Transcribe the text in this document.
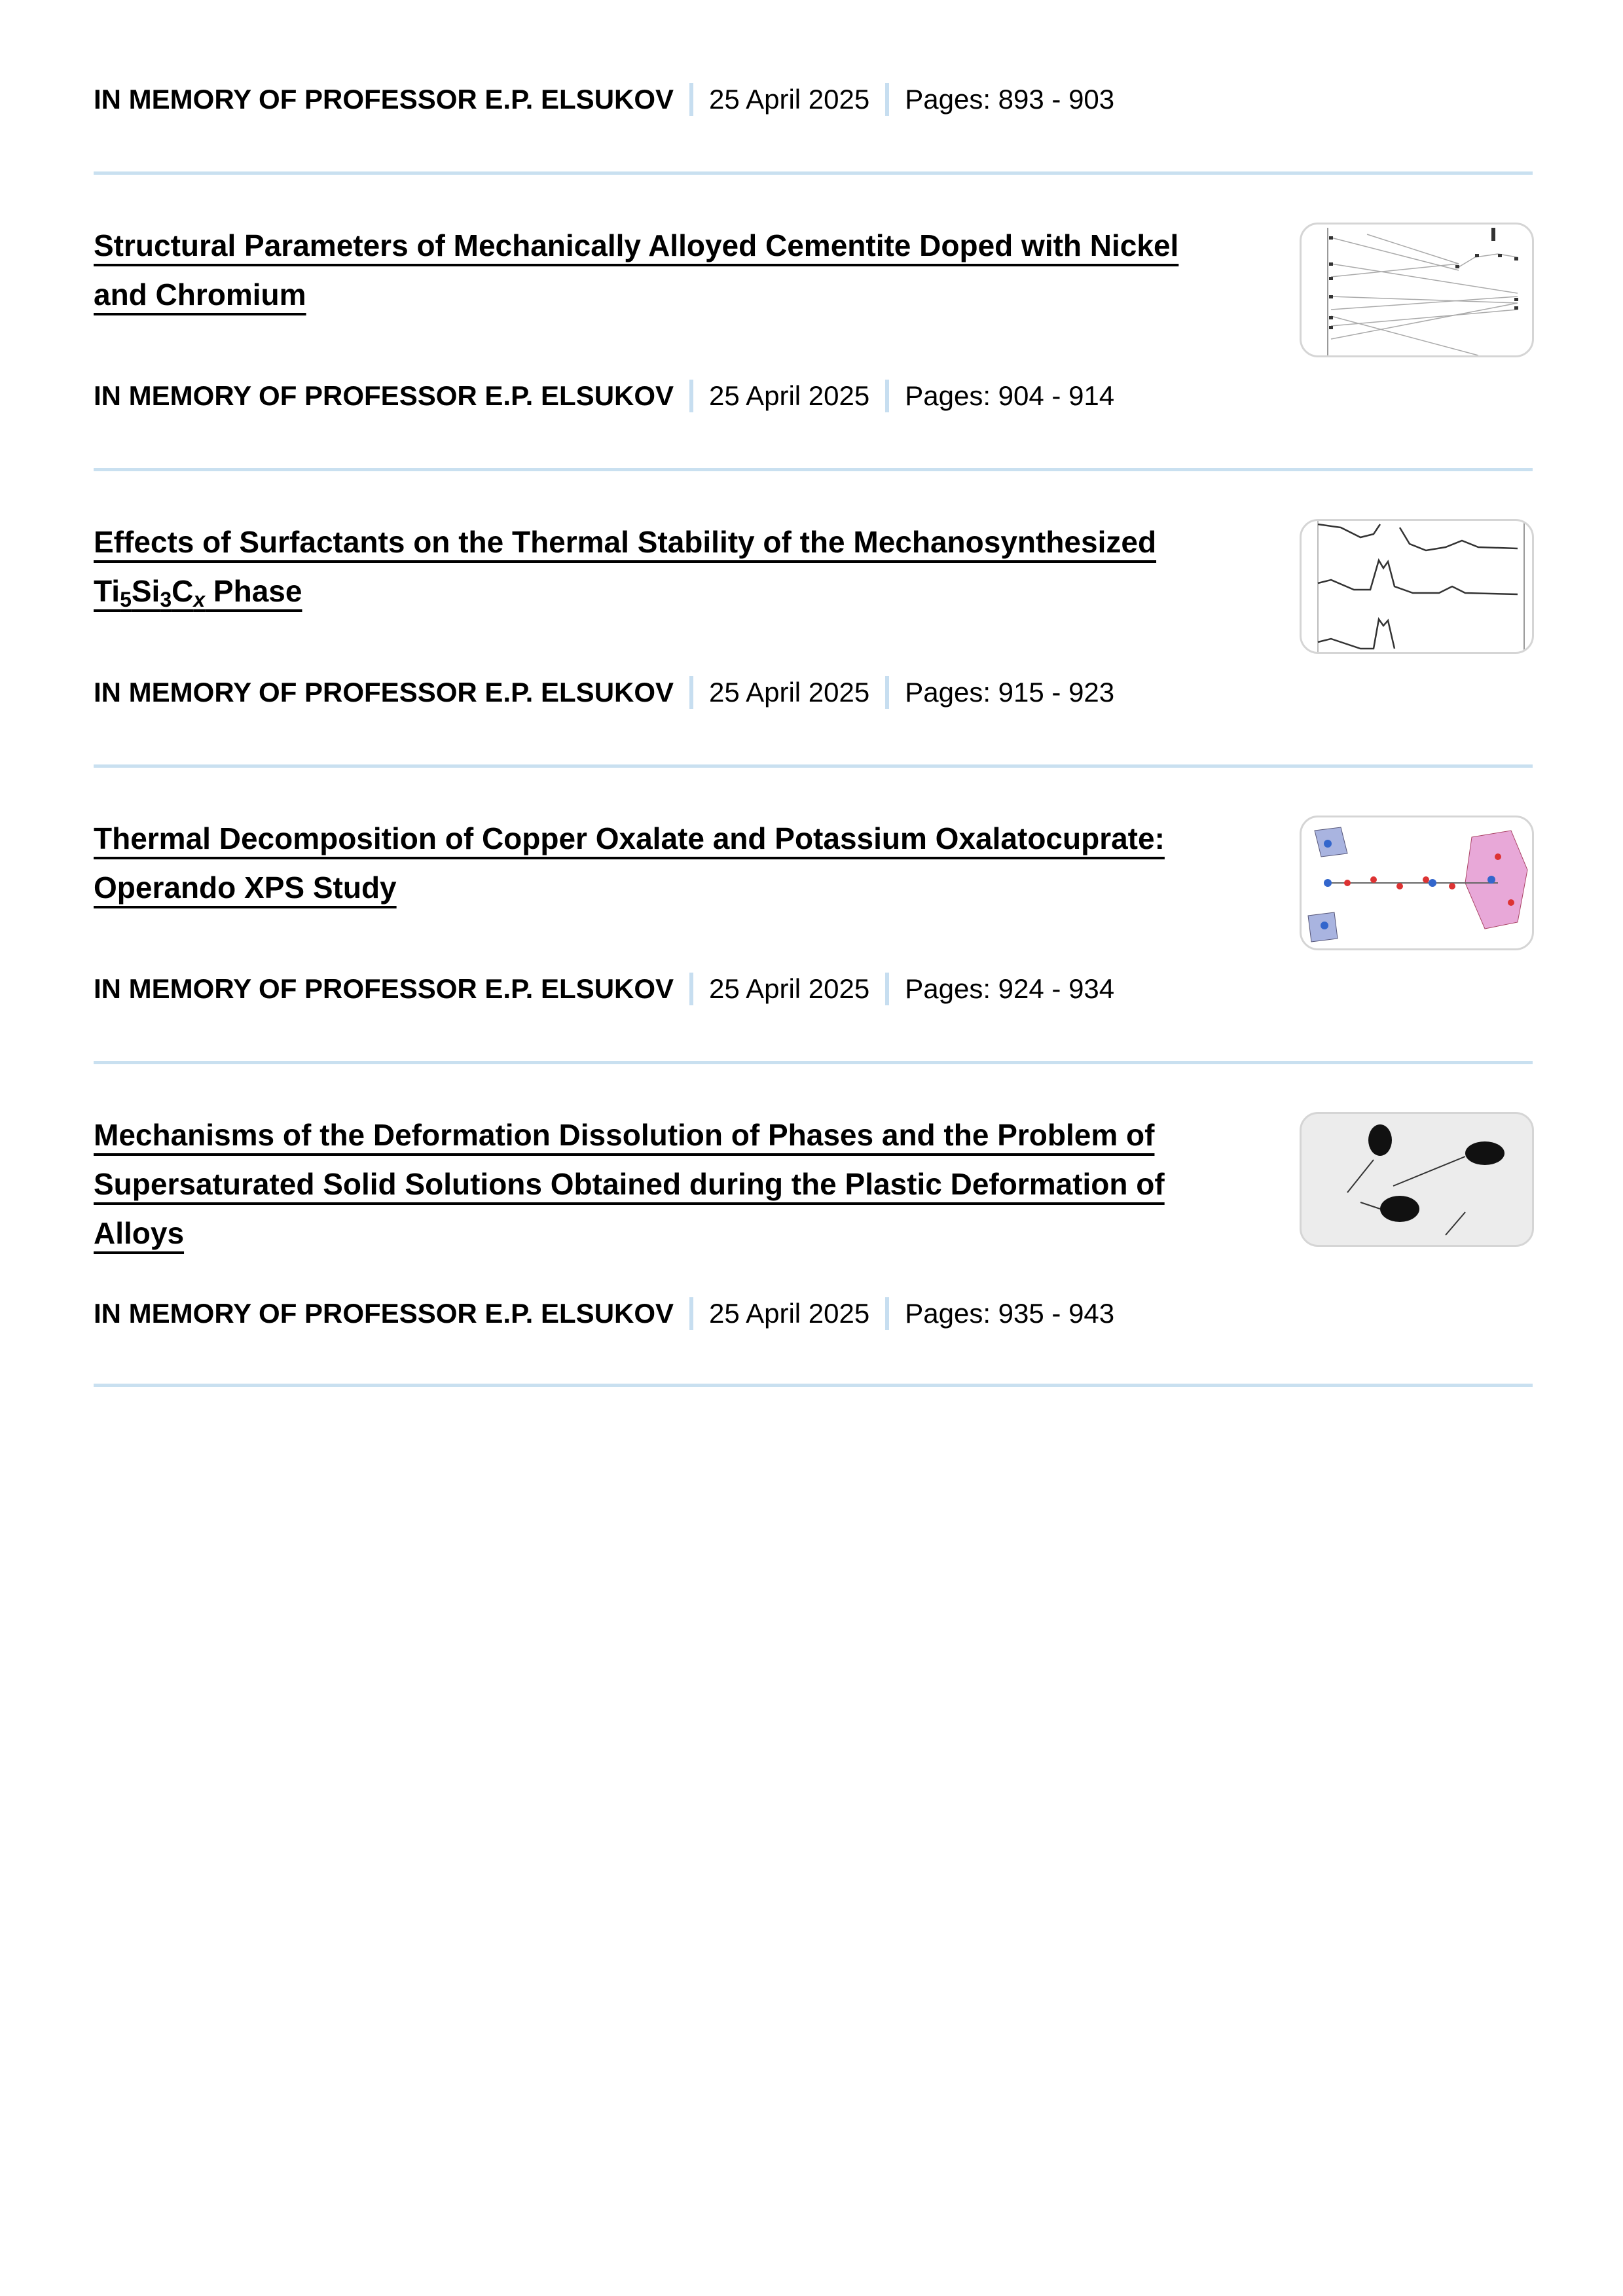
IN MEMORY OF PROFESSOR E.P. ELSUKOV 25 April 2025 Pages: 893 - 903
Structural Parameters of Mechanically Alloyed Cementite Doped with Nickel and Chromium
IN MEMORY OF PROFESSOR E.P. ELSUKOV 25 April 2025 Pages: 904 - 914
Effects of Surfactants on the Thermal Stability of the Mechanosynthesized $Ti_5Si_3C_x$ Phase
IN MEMORY OF PROFESSOR E.P. ELSUKOV 25 April 2025 Pages: 915 - 923
Thermal Decomposition of Copper Oxalate and Potassium Oxalatocuprate: Operando XPS Study
IN MEMORY OF PROFESSOR E.P. ELSUKOV 25 April 2025 Pages: 924 - 934
Mechanisms of the Deformation Dissolution of Phases and the Problem of Supersaturated Solid Solutions Obtained during the Plastic Deformation of Alloys
IN MEMORY OF PROFESSOR E.P. ELSUKOV 25 April 2025 Pages: 935 - 943
